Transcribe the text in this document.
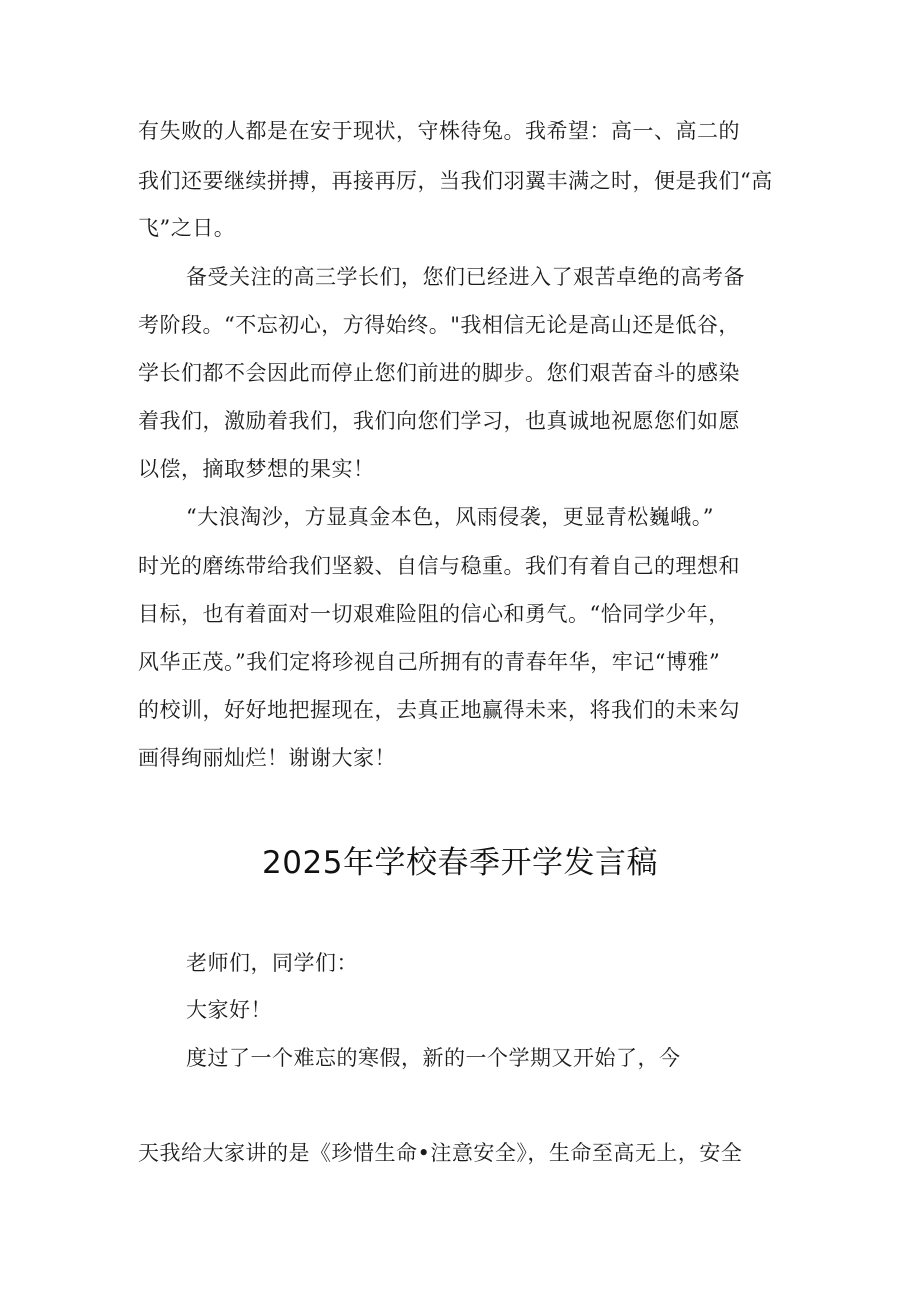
有失败的人都是在安于现状，守株待兔。我希望：高一、高二的
我们还要继续拼搏，再接再厉，当我们羽翼丰满之时，便是我们“高
飞”之日。
备受关注的高三学长们，您们已经进入了艰苦卓绝的高考备
考阶段。“不忘初心，方得始终。"我相信无论是高山还是低谷，
学长们都不会因此而停止您们前进的脚步。您们艰苦奋斗的感染
着我们，激励着我们，我们向您们学习，也真诚地祝愿您们如愿
以偿，摘取梦想的果实！
“大浪淘沙，方显真金本色，风雨侵袭，更显青松巍峨。”
时光的磨练带给我们坚毅、自信与稳重。我们有着自己的理想和
目标，也有着面对一切艰难险阻的信心和勇气。“恰同学少年，
风华正茂。”我们定将珍视自己所拥有的青春年华，牢记“博雅”
的校训，好好地把握现在，去真正地赢得未来，将我们的未来勾
画得绚丽灿烂！谢谢大家！
2025年学校春季开学发言稿
老师们，同学们：
大家好！
度过了一个难忘的寒假，新的一个学期又开始了，今
天我给大家讲的是《珍惜生命•注意安全》，生命至高无上，安全
